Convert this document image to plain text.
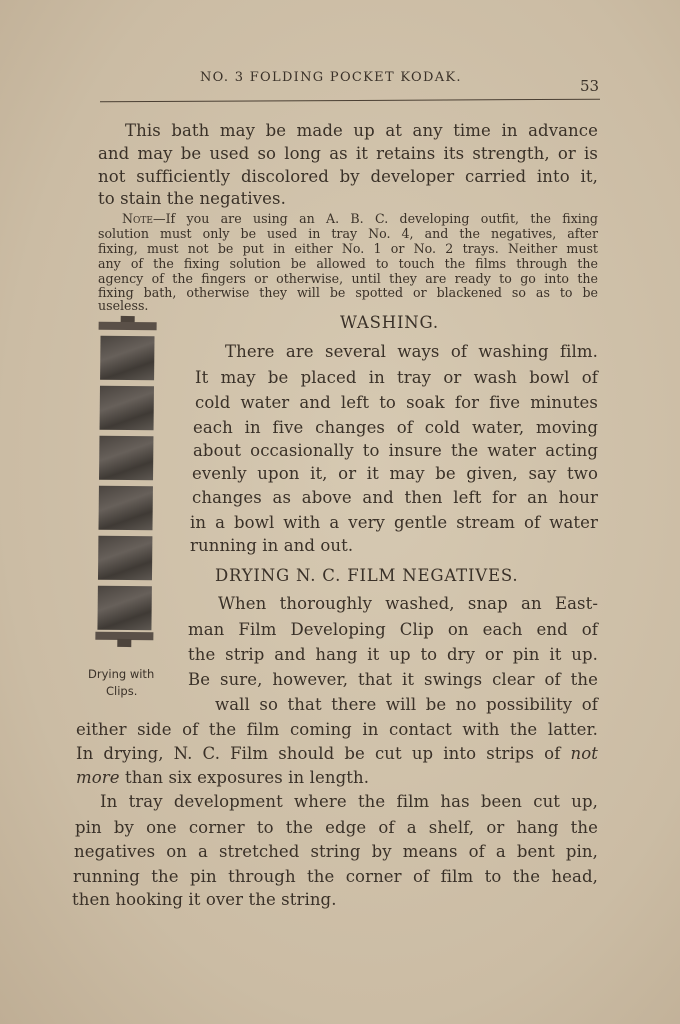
NO. 3 FOLDING POCKET KODAK.	53
This bath may be made up at any time in advance
and may be used so long as it retains its strength, or is
not sufficiently discolored by developer carried into it,
to stain the negatives.
Note—If you are using an A. B. C. developing outfit, the fixing
solution must only be used in tray No. 4, and the negatives, after
fixing, must not be put in either No. 1 or No. 2 trays. Neither must
any of the fixing solution be allowed to touch the films through the
agency of the fingers or otherwise, until they are ready to go into the
fixing bath, otherwise they will be spotted or blackened so as to be
useless.
WASHING.
There are several ways of washing film.
It may be placed in tray or wash bowl of
cold water and left to soak for five minutes
each in five changes of cold water, moving
about occasionally to insure the water acting
evenly upon it, or it may be given, say two
changes as above and then left for an hour
in a bowl with a very gentle stream of water
running in and out.
DRYING N. C. FILM NEGATIVES.
When thoroughly washed, snap an East-
man Film Developing Clip on each end of
the strip and hang it up to dry or pin it up.
Be sure, however, that it swings clear of the
wall so that there will be no possibility of
either side of the film coming in contact with the latter.
In drying, N. C. Film should be cut up into strips of not
more than six exposures in length.
In tray development where the film has been cut up,
pin by one corner to the edge of a shelf, or hang the
negatives on a stretched string by means of a bent pin,
running the pin through the corner of film to the head,
then hooking it over the string.
Drying with
Clips.
